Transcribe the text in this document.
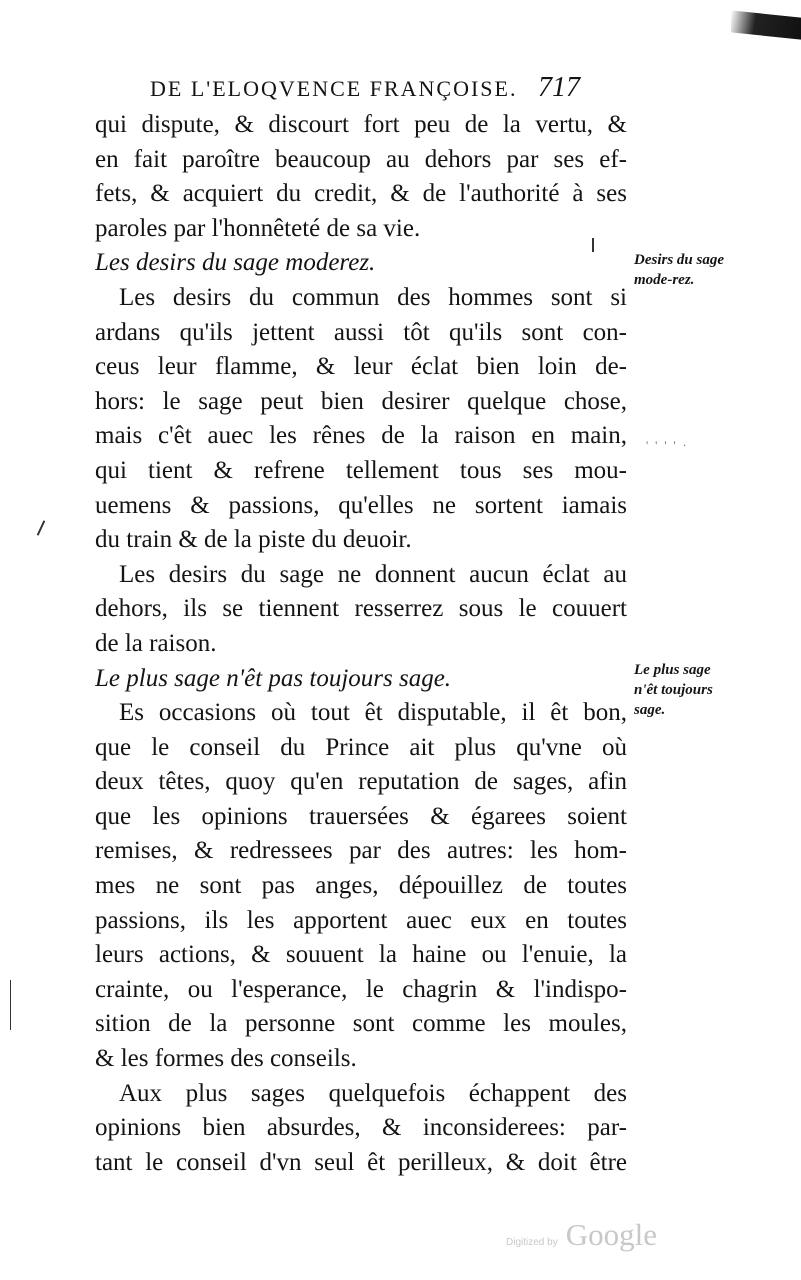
DE L'ELOQVENCE FRANÇOISE. 717
qui dispute, & discourt fort peu de la vertu, &
en fait paroître beaucoup au dehors par ses ef-
fets, & acquiert du credit, & de l'authorité à ses
paroles par l'honnêteté de sa vie.
Les desirs du sage moderez.
Les desirs du commun des hommes sont si
ardans qu'ils jettent aussi tôt qu'ils sont con-
ceus leur flamme, & leur éclat bien loin de-
hors: le sage peut bien desirer quelque chose,
mais c'êt auec les rênes de la raison en main,
qui tient & refrene tellement tous ses mou-
uemens & passions, qu'elles ne sortent iamais
du train & de la piste du deuoir.
Les desirs du sage ne donnent aucun éclat au
dehors, ils se tiennent resserrez sous le couuert
de la raison.
Le plus sage n'êt pas toujours sage.
Es occasions où tout êt disputable, il êt bon,
que le conseil du Prince ait plus qu'vne où
deux têtes, quoy qu'en reputation de sages, afin
que les opinions trauersées & égarees soient
remises, & redressees par des autres: les hom-
mes ne sont pas anges, dépouillez de toutes
passions, ils les apportent auec eux en toutes
leurs actions, & souuent la haine ou l'enuie, la
crainte, ou l'esperance, le chagrin & l'indispo-
sition de la personne sont comme les moules,
& les formes des conseils.
Aux plus sages quelquefois échappent des
opinions bien absurdes, & inconsiderees: par-
tant le conseil d'vn seul êt perilleux, & doit être
Desirs du sage mode-rez.
Le plus sage n'êt toujours sage.
' ' ' ' ·
Digitized by Google
